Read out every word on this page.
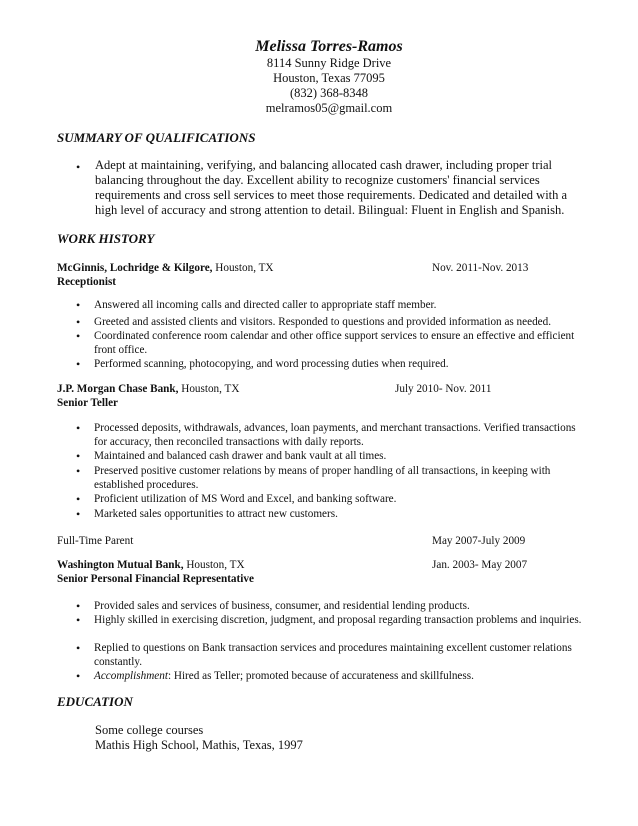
Melissa Torres-Ramos
8114 Sunny Ridge Drive
Houston, Texas 77095
(832) 368-8348
melramos05@gmail.com
SUMMARY OF QUALIFICATIONS
• Adept at maintaining, verifying, and balancing allocated cash drawer, including proper trial balancing throughout the day. Excellent ability to recognize customers' financial services requirements and cross sell services to meet those requirements. Dedicated and detailed with a high level of accuracy and strong attention to detail. Bilingual: Fluent in English and Spanish.
WORK HISTORY
McGinnis, Lochridge & Kilgore, Houston, TX	Nov. 2011-Nov. 2013
Receptionist
• Answered all incoming calls and directed caller to appropriate staff member.
• Greeted and assisted clients and visitors. Responded to questions and provided information as needed.
• Coordinated conference room calendar and other office support services to ensure an effective and efficient front office.
• Performed scanning, photocopying, and word processing duties when required.
J.P. Morgan Chase Bank, Houston, TX	July 2010- Nov. 2011
Senior Teller
• Processed deposits, withdrawals, advances, loan payments, and merchant transactions. Verified transactions for accuracy, then reconciled transactions with daily reports.
• Maintained and balanced cash drawer and bank vault at all times.
• Preserved positive customer relations by means of proper handling of all transactions, in keeping with established procedures.
• Proficient utilization of MS Word and Excel, and banking software.
• Marketed sales opportunities to attract new customers.
Full-Time Parent	May 2007-July 2009
Washington Mutual Bank, Houston, TX	Jan. 2003- May 2007
Senior Personal Financial Representative
• Provided sales and services of business, consumer, and residential lending products.
• Highly skilled in exercising discretion, judgment, and proposal regarding transaction problems and inquiries.
• Replied to questions on Bank transaction services and procedures maintaining excellent customer relations constantly.
• Accomplishment: Hired as Teller; promoted because of accurateness and skillfulness.
EDUCATION
Some college courses
Mathis High School, Mathis, Texas, 1997
